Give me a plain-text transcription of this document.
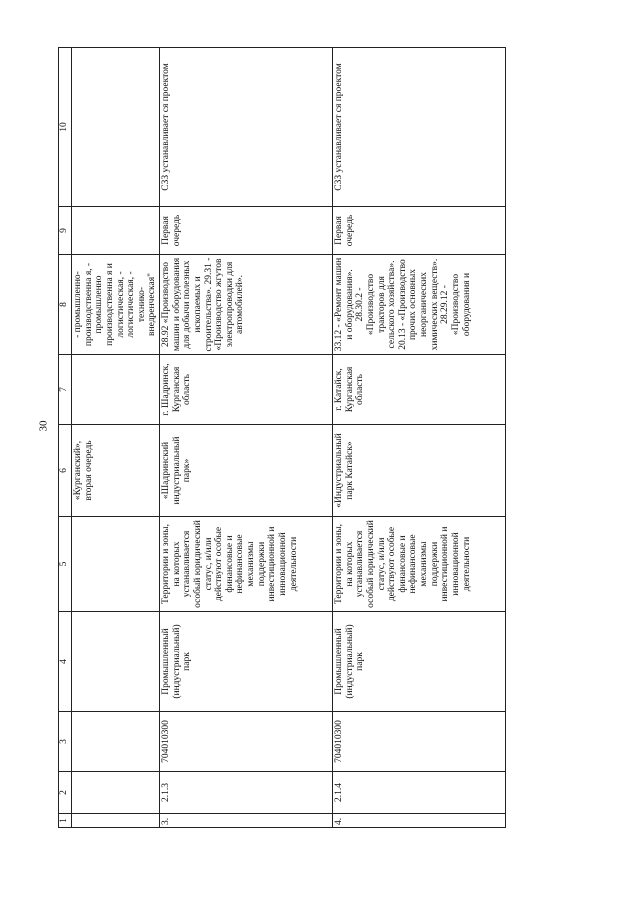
30
1	2	3	4	5	6	7	8	9	10
					«Курганский», вторая очередь		- промышленно-производственна я, - промышленно производственна я и логистическая, - логистическая, - технико-внедренческая"		
3.	2.1.3	704010300	Промышленный (индустриальный) парк	Территории и зоны, на которых устанавливается особый юридический статус, и/или действуют особые финансовые и нефинансовые механизмы поддержки инвестиционной и инновационной деятельности	«Шадринский индустриальный парк»	г. Шадринск, Курганская область	28.92 «Производство машин и оборудования для добычи полезных ископаемых и строительства». 29.31 - «Производство жгутов электропроводки для автомобилей».	Первая очередь	СЗЗ устанавливает ся проектом
4.	2.1.4	704010300	Промышленный (индустриальный) парк	Территории и зоны, на которых устанавливается особый юридический статус, и/или действуют особые финансовые и нефинансовые механизмы поддержки инвестиционной и инновационной деятельности	«Индустриальный парк Катайск»	г. Катайск, Курганская область	33.12 - «Ремонт машин и оборудования». 28.30.2 - «Производство тракторов для сельского хозяйства». 20.13 - «Производство прочих основных неорганических химических веществ». 28.29.12 - «Производство оборудования и	Первая очередь	СЗЗ устанавливает ся проектом
